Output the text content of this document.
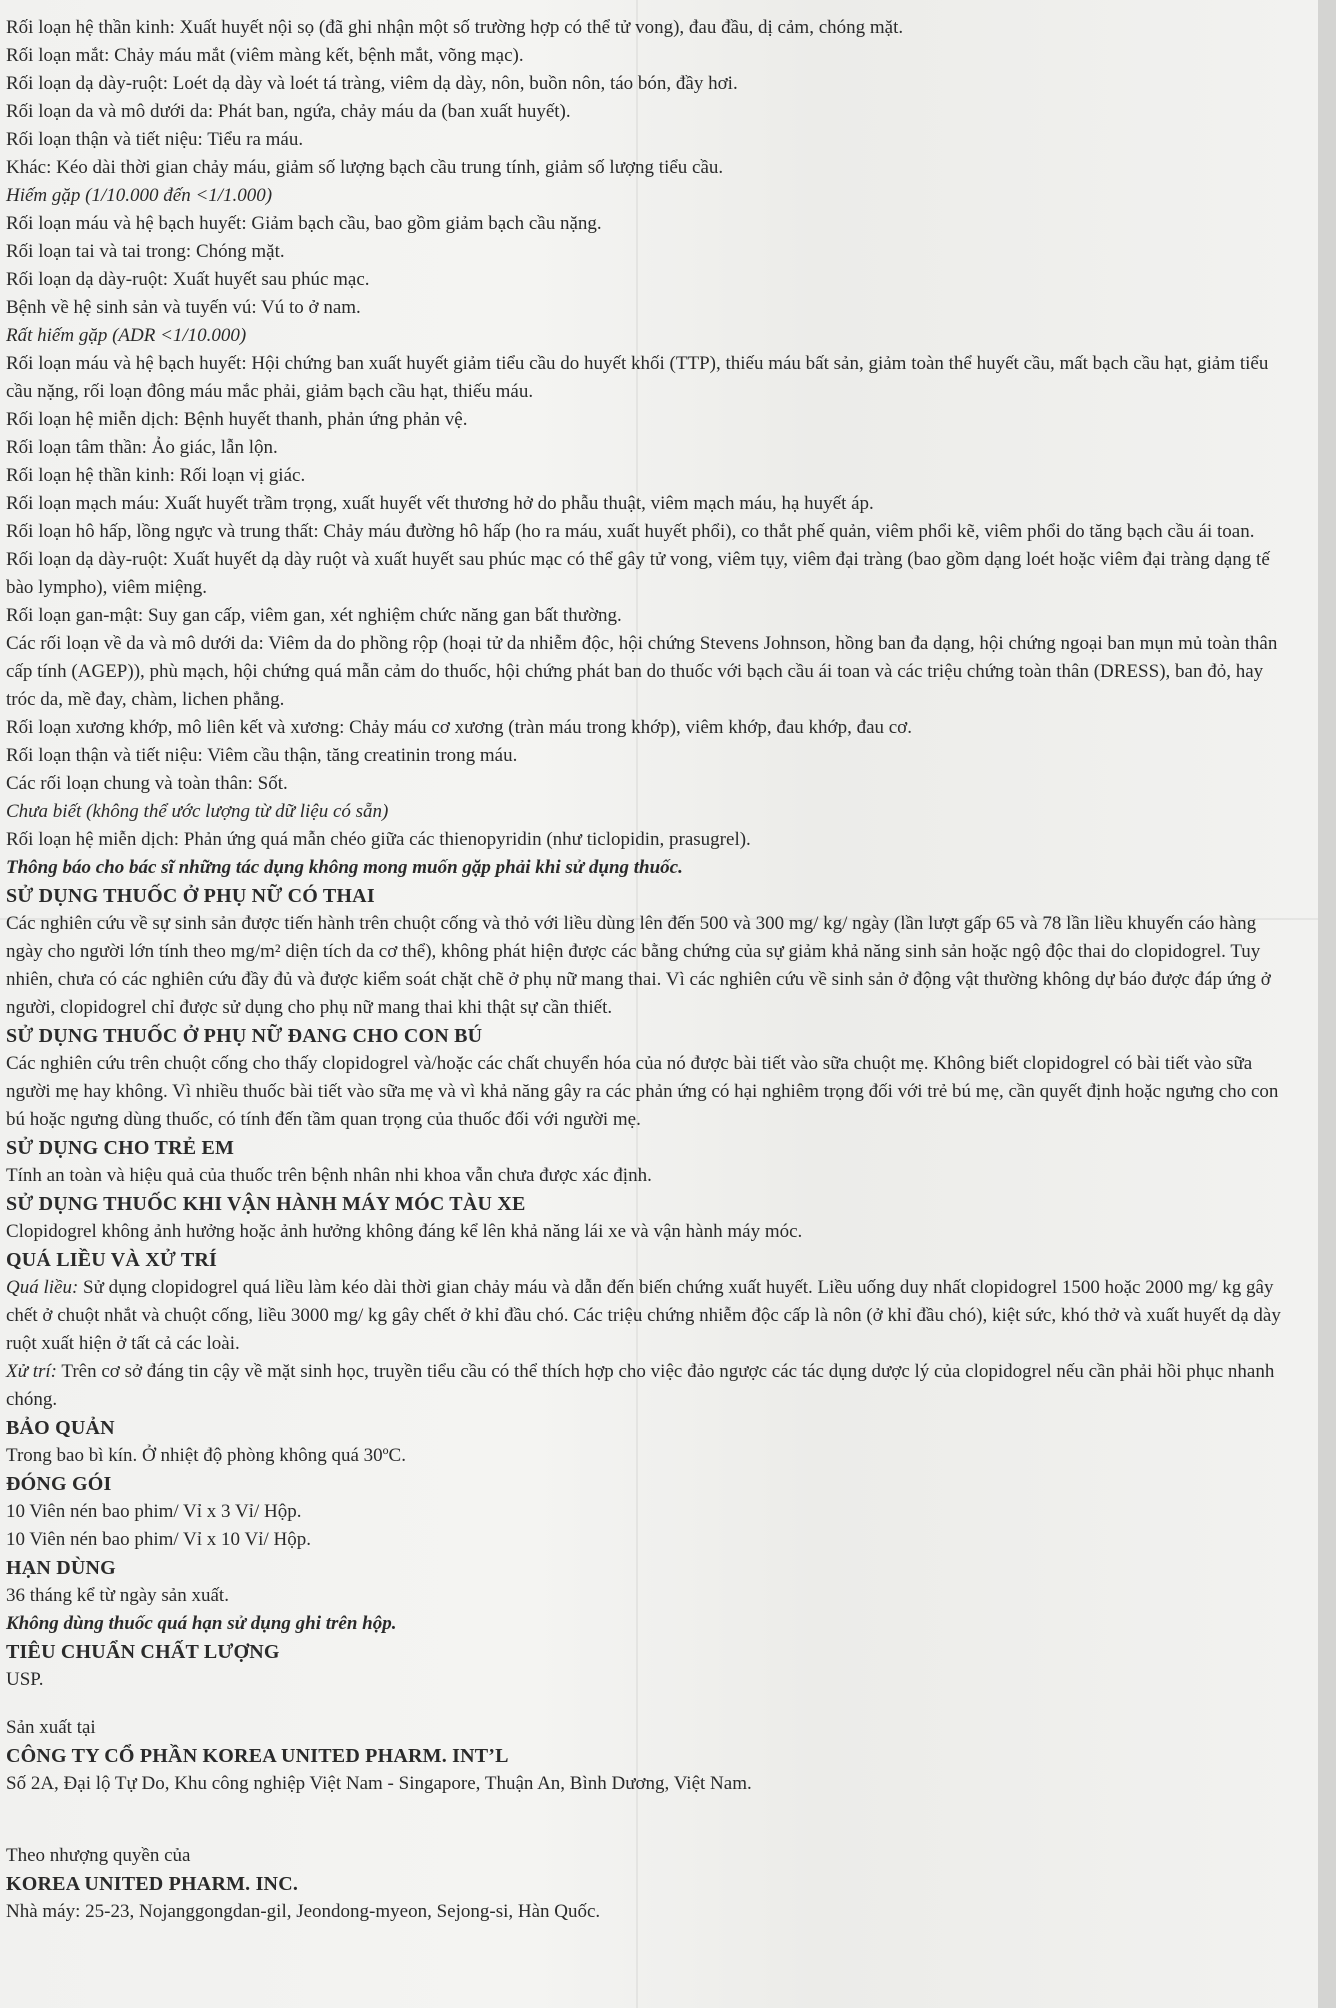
Rối loạn hệ thần kinh: Xuất huyết nội sọ (đã ghi nhận một số trường hợp có thể tử vong), đau đầu, dị cảm, chóng mặt.
Rối loạn mắt: Chảy máu mắt (viêm màng kết, bệnh mắt, võng mạc).
Rối loạn dạ dày-ruột: Loét dạ dày và loét tá tràng, viêm dạ dày, nôn, buồn nôn, táo bón, đầy hơi.
Rối loạn da và mô dưới da: Phát ban, ngứa, chảy máu da (ban xuất huyết).
Rối loạn thận và tiết niệu: Tiểu ra máu.
Khác: Kéo dài thời gian chảy máu, giảm số lượng bạch cầu trung tính, giảm số lượng tiểu cầu.
Hiếm gặp (1/10.000 đến <1/1.000)
Rối loạn máu và hệ bạch huyết: Giảm bạch cầu, bao gồm giảm bạch cầu nặng.
Rối loạn tai và tai trong: Chóng mặt.
Rối loạn dạ dày-ruột: Xuất huyết sau phúc mạc.
Bệnh về hệ sinh sản và tuyến vú: Vú to ở nam.
Rất hiếm gặp (ADR <1/10.000)
Rối loạn máu và hệ bạch huyết: Hội chứng ban xuất huyết giảm tiểu cầu do huyết khối (TTP), thiếu máu bất sản, giảm toàn thể huyết cầu, mất bạch cầu hạt, giảm tiểu cầu nặng, rối loạn đông máu mắc phải, giảm bạch cầu hạt, thiếu máu.
Rối loạn hệ miễn dịch: Bệnh huyết thanh, phản ứng phản vệ.
Rối loạn tâm thần: Ảo giác, lẫn lộn.
Rối loạn hệ thần kinh: Rối loạn vị giác.
Rối loạn mạch máu: Xuất huyết trầm trọng, xuất huyết vết thương hở do phẫu thuật, viêm mạch máu, hạ huyết áp.
Rối loạn hô hấp, lồng ngực và trung thất: Chảy máu đường hô hấp (ho ra máu, xuất huyết phổi), co thắt phế quản, viêm phổi kẽ, viêm phổi do tăng bạch cầu ái toan.
Rối loạn dạ dày-ruột: Xuất huyết dạ dày ruột và xuất huyết sau phúc mạc có thể gây tử vong, viêm tụy, viêm đại tràng (bao gồm dạng loét hoặc viêm đại tràng dạng tế bào lympho), viêm miệng.
Rối loạn gan-mật: Suy gan cấp, viêm gan, xét nghiệm chức năng gan bất thường.
Các rối loạn về da và mô dưới da: Viêm da do phồng rộp (hoại tử da nhiễm độc, hội chứng Stevens Johnson, hồng ban đa dạng, hội chứng ngoại ban mụn mủ toàn thân cấp tính (AGEP)), phù mạch, hội chứng quá mẫn cảm do thuốc, hội chứng phát ban do thuốc với bạch cầu ái toan và các triệu chứng toàn thân (DRESS), ban đỏ, hay tróc da, mề đay, chàm, lichen phẳng.
Rối loạn xương khớp, mô liên kết và xương: Chảy máu cơ xương (tràn máu trong khớp), viêm khớp, đau khớp, đau cơ.
Rối loạn thận và tiết niệu: Viêm cầu thận, tăng creatinin trong máu.
Các rối loạn chung và toàn thân: Sốt.
Chưa biết (không thể ước lượng từ dữ liệu có sẵn)
Rối loạn hệ miễn dịch: Phản ứng quá mẫn chéo giữa các thienopyridin (như ticlopidin, prasugrel).
Thông báo cho bác sĩ những tác dụng không mong muốn gặp phải khi sử dụng thuốc.
SỬ DỤNG THUỐC Ở PHỤ NỮ CÓ THAI
Các nghiên cứu về sự sinh sản được tiến hành trên chuột cống và thỏ với liều dùng lên đến 500 và 300 mg/ kg/ ngày (lần lượt gấp 65 và 78 lần liều khuyến cáo hàng ngày cho người lớn tính theo mg/m² diện tích da cơ thể), không phát hiện được các bằng chứng của sự giảm khả năng sinh sản hoặc ngộ độc thai do clopidogrel. Tuy nhiên, chưa có các nghiên cứu đầy đủ và được kiểm soát chặt chẽ ở phụ nữ mang thai. Vì các nghiên cứu về sinh sản ở động vật thường không dự báo được đáp ứng ở người, clopidogrel chỉ được sử dụng cho phụ nữ mang thai khi thật sự cần thiết.
SỬ DỤNG THUỐC Ở PHỤ NỮ ĐANG CHO CON BÚ
Các nghiên cứu trên chuột cống cho thấy clopidogrel và/hoặc các chất chuyển hóa của nó được bài tiết vào sữa chuột mẹ. Không biết clopidogrel có bài tiết vào sữa người mẹ hay không. Vì nhiều thuốc bài tiết vào sữa mẹ và vì khả năng gây ra các phản ứng có hại nghiêm trọng đối với trẻ bú mẹ, cần quyết định hoặc ngưng cho con bú hoặc ngưng dùng thuốc, có tính đến tầm quan trọng của thuốc đối với người mẹ.
SỬ DỤNG CHO TRẺ EM
Tính an toàn và hiệu quả của thuốc trên bệnh nhân nhi khoa vẫn chưa được xác định.
SỬ DỤNG THUỐC KHI VẬN HÀNH MÁY MÓC TÀU XE
Clopidogrel không ảnh hưởng hoặc ảnh hưởng không đáng kể lên khả năng lái xe và vận hành máy móc.
QUÁ LIỀU VÀ XỬ TRÍ
Quá liều: Sử dụng clopidogrel quá liều làm kéo dài thời gian chảy máu và dẫn đến biến chứng xuất huyết. Liều uống duy nhất clopidogrel 1500 hoặc 2000 mg/ kg gây chết ở chuột nhắt và chuột cống, liều 3000 mg/ kg gây chết ở khỉ đầu chó. Các triệu chứng nhiễm độc cấp là nôn (ở khỉ đầu chó), kiệt sức, khó thở và xuất huyết dạ dày ruột xuất hiện ở tất cả các loài.
Xử trí: Trên cơ sở đáng tin cậy về mặt sinh học, truyền tiểu cầu có thể thích hợp cho việc đảo ngược các tác dụng dược lý của clopidogrel nếu cần phải hồi phục nhanh chóng.
BẢO QUẢN
Trong bao bì kín. Ở nhiệt độ phòng không quá 30ºC.
ĐÓNG GÓI
10 Viên nén bao phim/ Vỉ x 3 Vỉ/ Hộp.
10 Viên nén bao phim/ Vỉ x 10 Vỉ/ Hộp.
HẠN DÙNG
36 tháng kể từ ngày sản xuất.
Không dùng thuốc quá hạn sử dụng ghi trên hộp.
TIÊU CHUẨN CHẤT LƯỢNG
USP.
Sản xuất tại
CÔNG TY CỔ PHẦN KOREA UNITED PHARM. INT’L
Số 2A, Đại lộ Tự Do, Khu công nghiệp Việt Nam - Singapore, Thuận An, Bình Dương, Việt Nam.
Theo nhượng quyền của
KOREA UNITED PHARM. INC.
Nhà máy: 25-23, Nojanggongdan-gil, Jeondong-myeon, Sejong-si, Hàn Quốc.
